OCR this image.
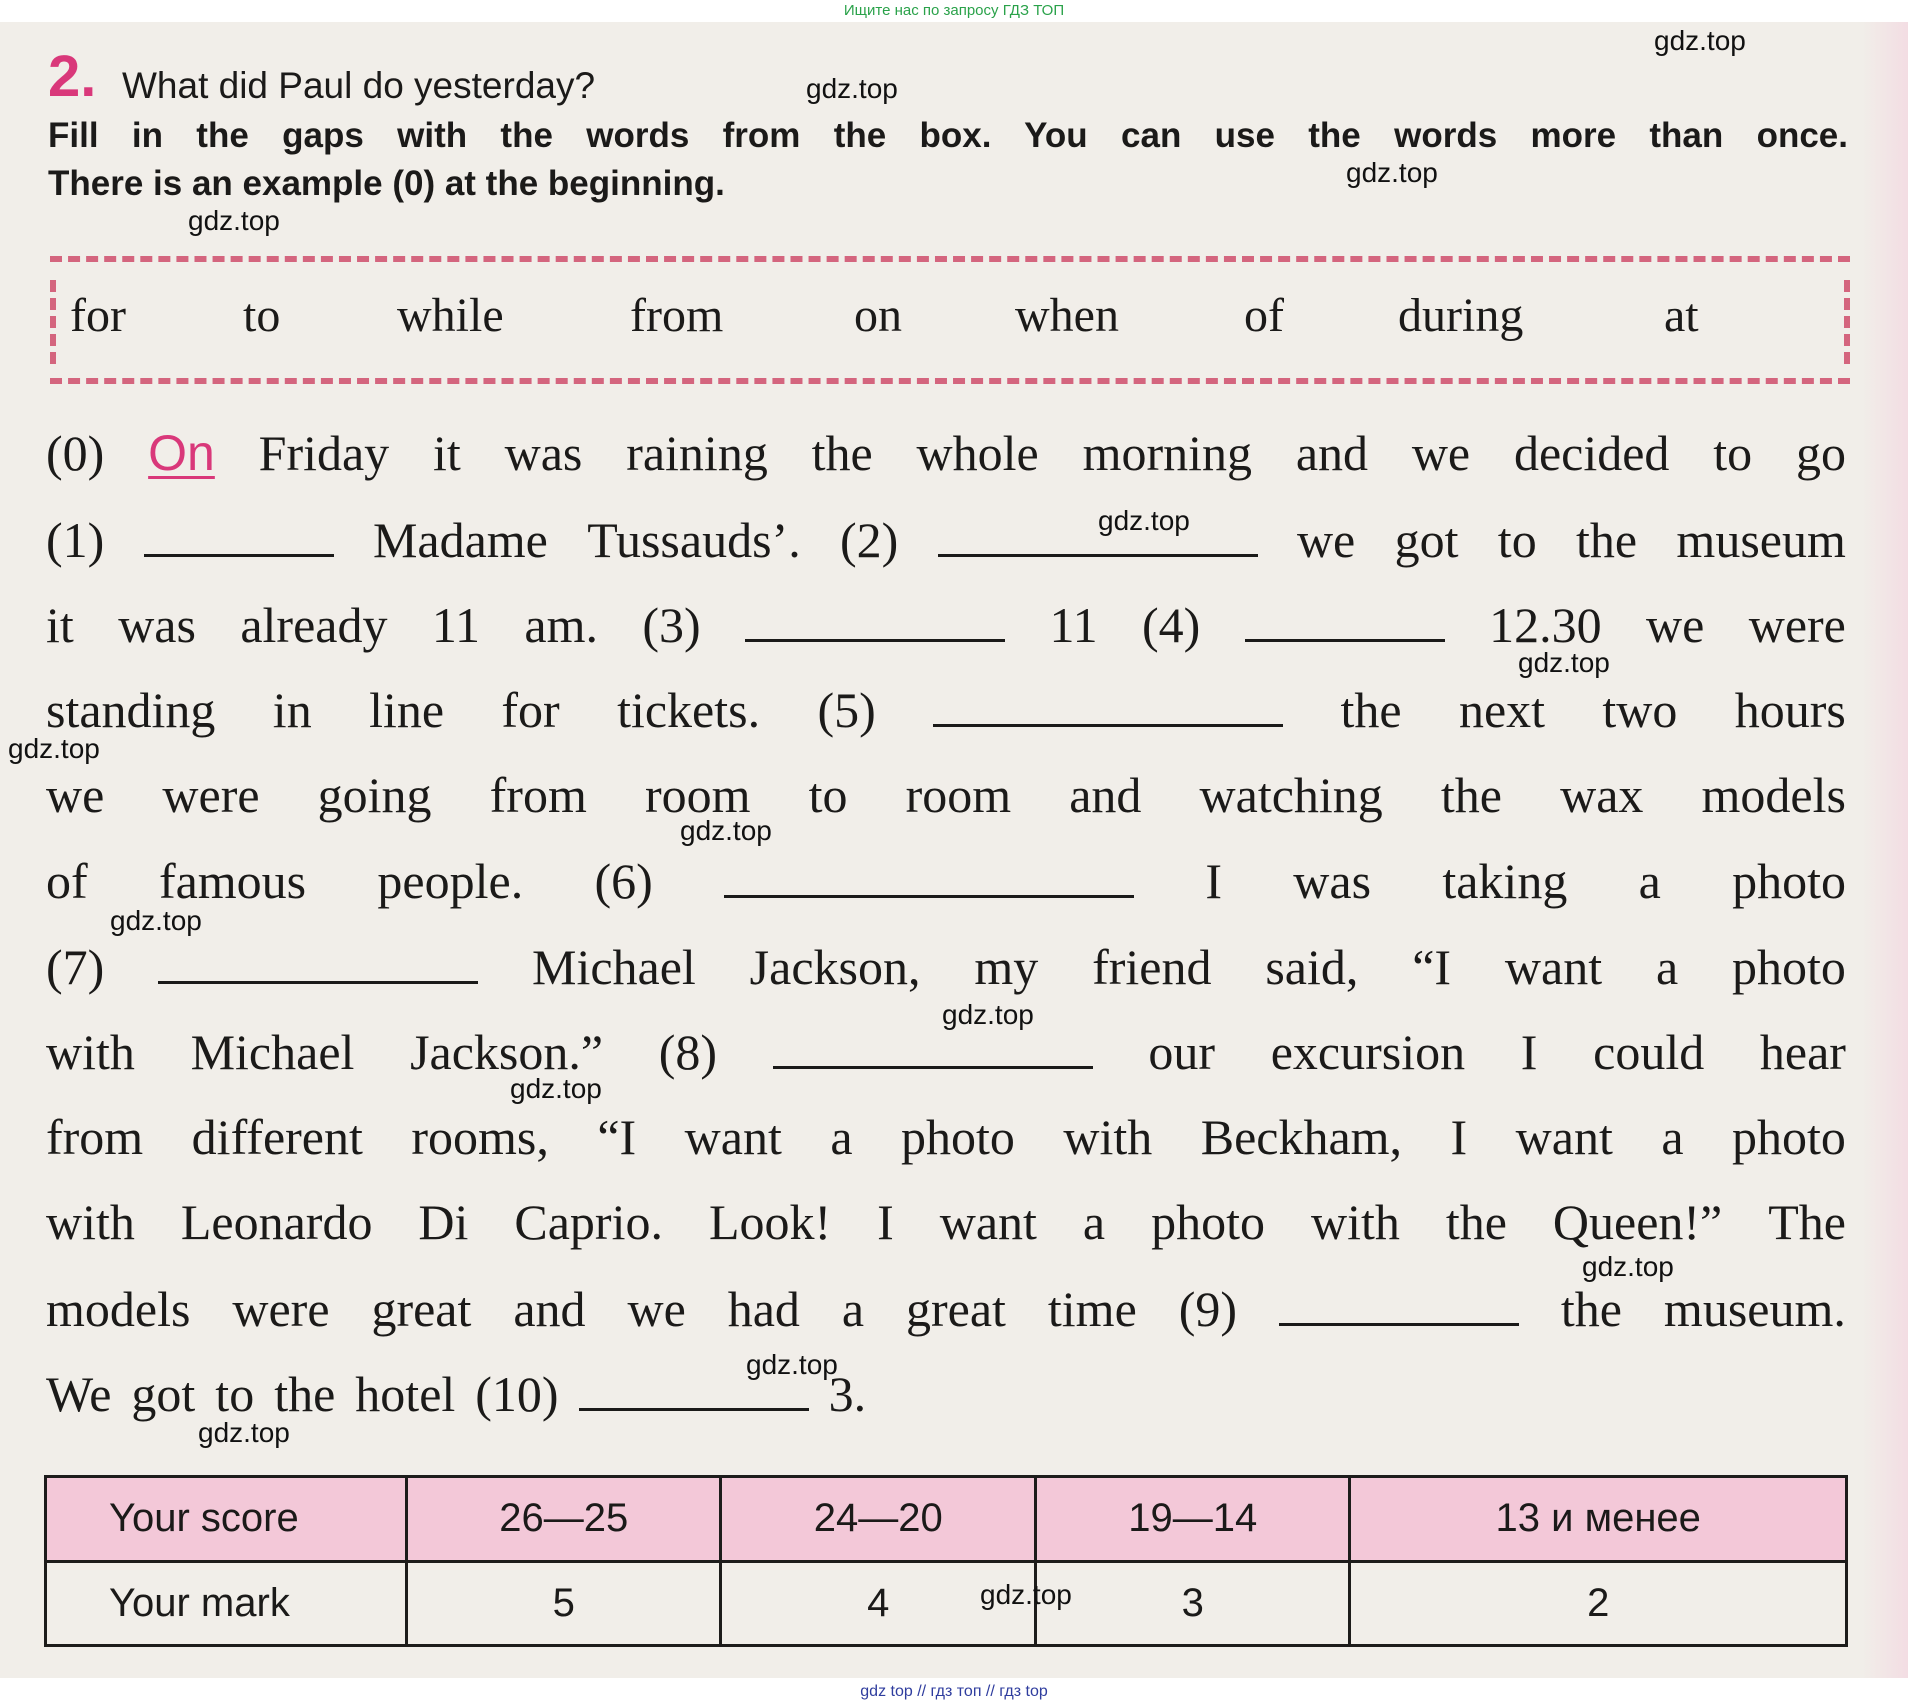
Ищите нас по запросу ГДЗ ТОП
2. What did Paul do yesterday?
Fill in the gaps with the words from the box. You can use the words more than once.
There is an example (0) at the beginning.
for to while	from	on when	of during	at
(0) On Friday it was raining the whole morning and we decided to go
(1)	Madame Tussauds’. (2)	we got to the museum
it was already 11 am. (3)	11 (4)	12.30 we were
standing in line for tickets. (5)	the next two hours
we were going from room to room and watching the wax models
of famous people. (6)	I was taking a photo
(7)	Michael Jackson, my friend said, “I want a photo
with Michael Jackson.” (8)	our excursion I could hear
from different rooms, “I want a photo with Beckham, I want a photo
with Leonardo Di Caprio. Look! I want a photo with the Queen!” The
models were great and we had a great time (9)	the museum.
We got to the hotel (10)	3.
Your score	26—25	24—20	19—14	13 и менее
Your mark	5	4	3	2
gdz.top
gdz.top
gdz.top
gdz.top
gdz.top
gdz.top
gdz.top
gdz.top
gdz.top
gdz.top
gdz.top
gdz.top
gdz.top
gdz.top
gdz.top
gdz top // гдз топ // гдз top
